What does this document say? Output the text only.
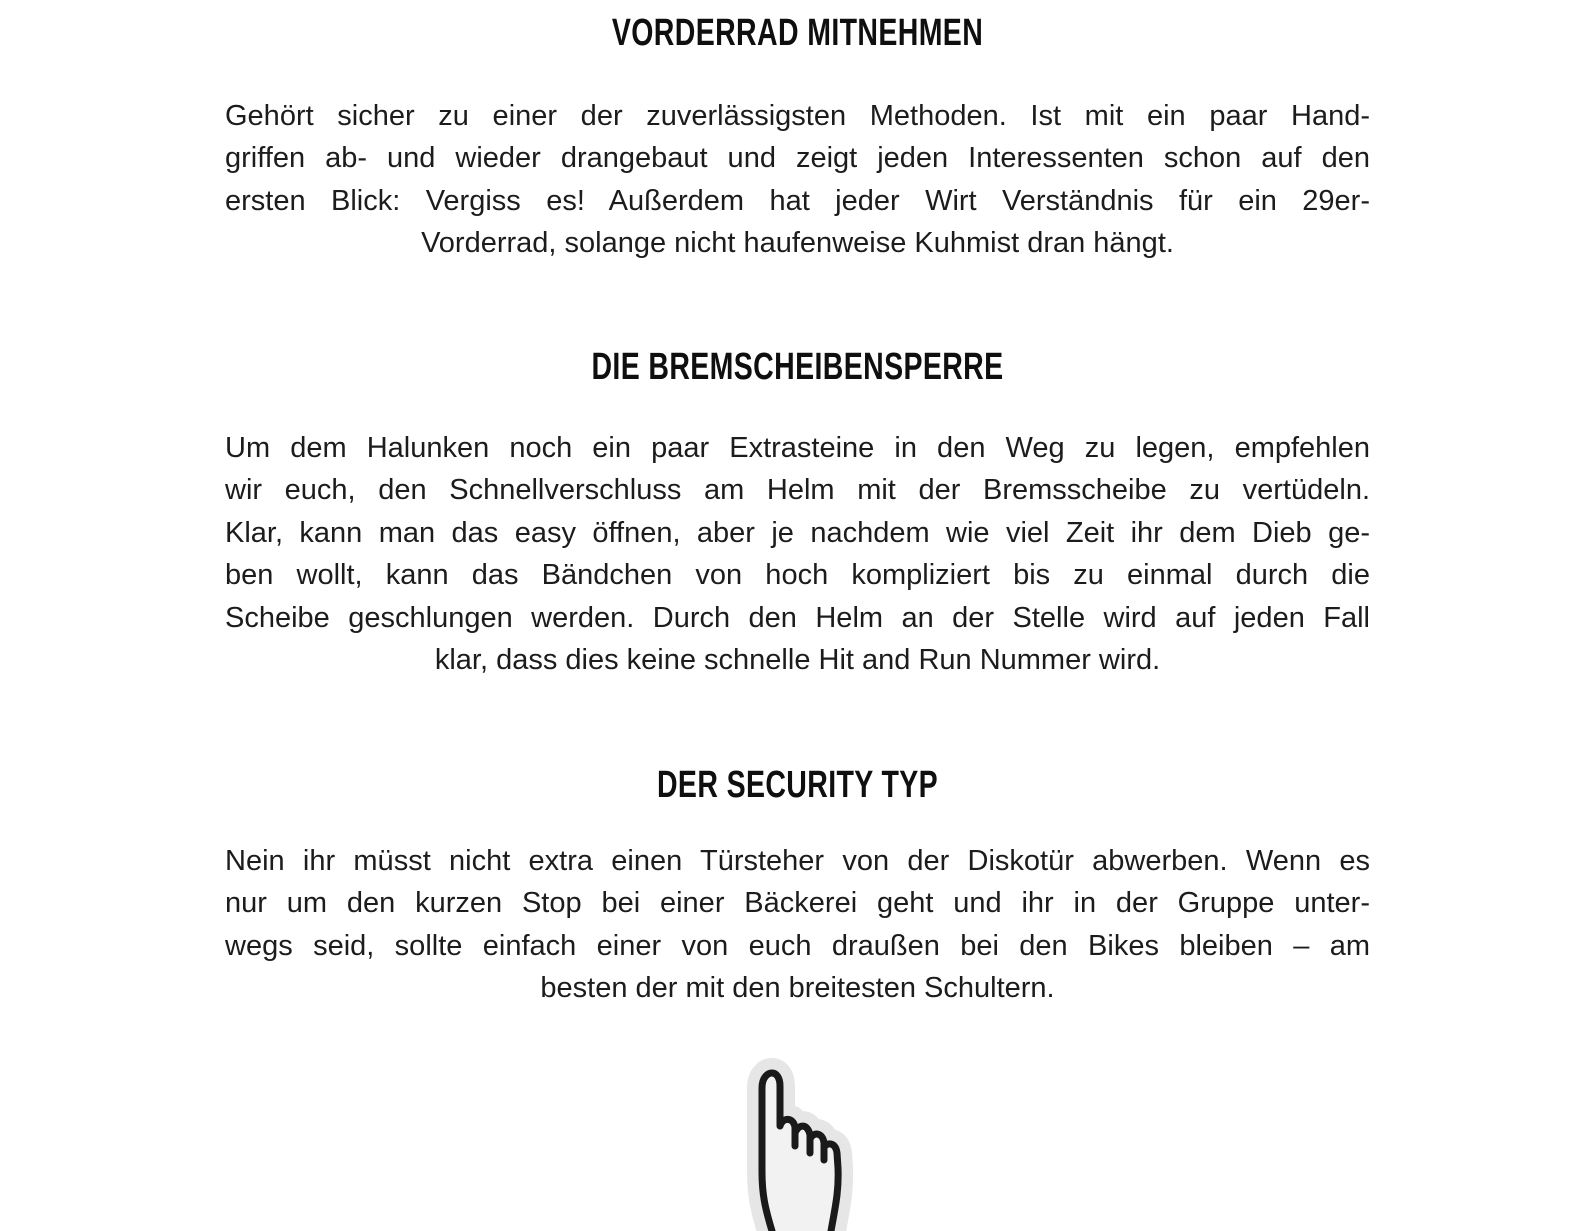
VORDERRAD MITNEHMEN
Gehört sicher zu einer der zuverlässigsten Methoden. Ist mit ein paar Hand-
griffen ab- und wieder drangebaut und zeigt jeden Interessenten schon auf den
ersten Blick: Vergiss es! Außerdem hat jeder Wirt Verständnis für ein 29er-
Vorderrad, solange nicht haufenweise Kuhmist dran hängt.
DIE BREMSCHEIBENSPERRE
Um dem Halunken noch ein paar Extrasteine in den Weg zu legen, empfehlen
wir euch, den Schnellverschluss am Helm mit der Bremsscheibe zu vertüdeln.
Klar, kann man das easy öffnen, aber je nachdem wie viel Zeit ihr dem Dieb ge-
ben wollt, kann das Bändchen von hoch kompliziert bis zu einmal durch die
Scheibe geschlungen werden. Durch den Helm an der Stelle wird auf jeden Fall
klar, dass dies keine schnelle Hit and Run Nummer wird.
DER SECURITY TYP
Nein ihr müsst nicht extra einen Türsteher von der Diskotür abwerben. Wenn es
nur um den kurzen Stop bei einer Bäckerei geht und ihr in der Gruppe unter-
wegs seid, sollte einfach einer von euch draußen bei den Bikes bleiben – am
besten der mit den breitesten Schultern.
